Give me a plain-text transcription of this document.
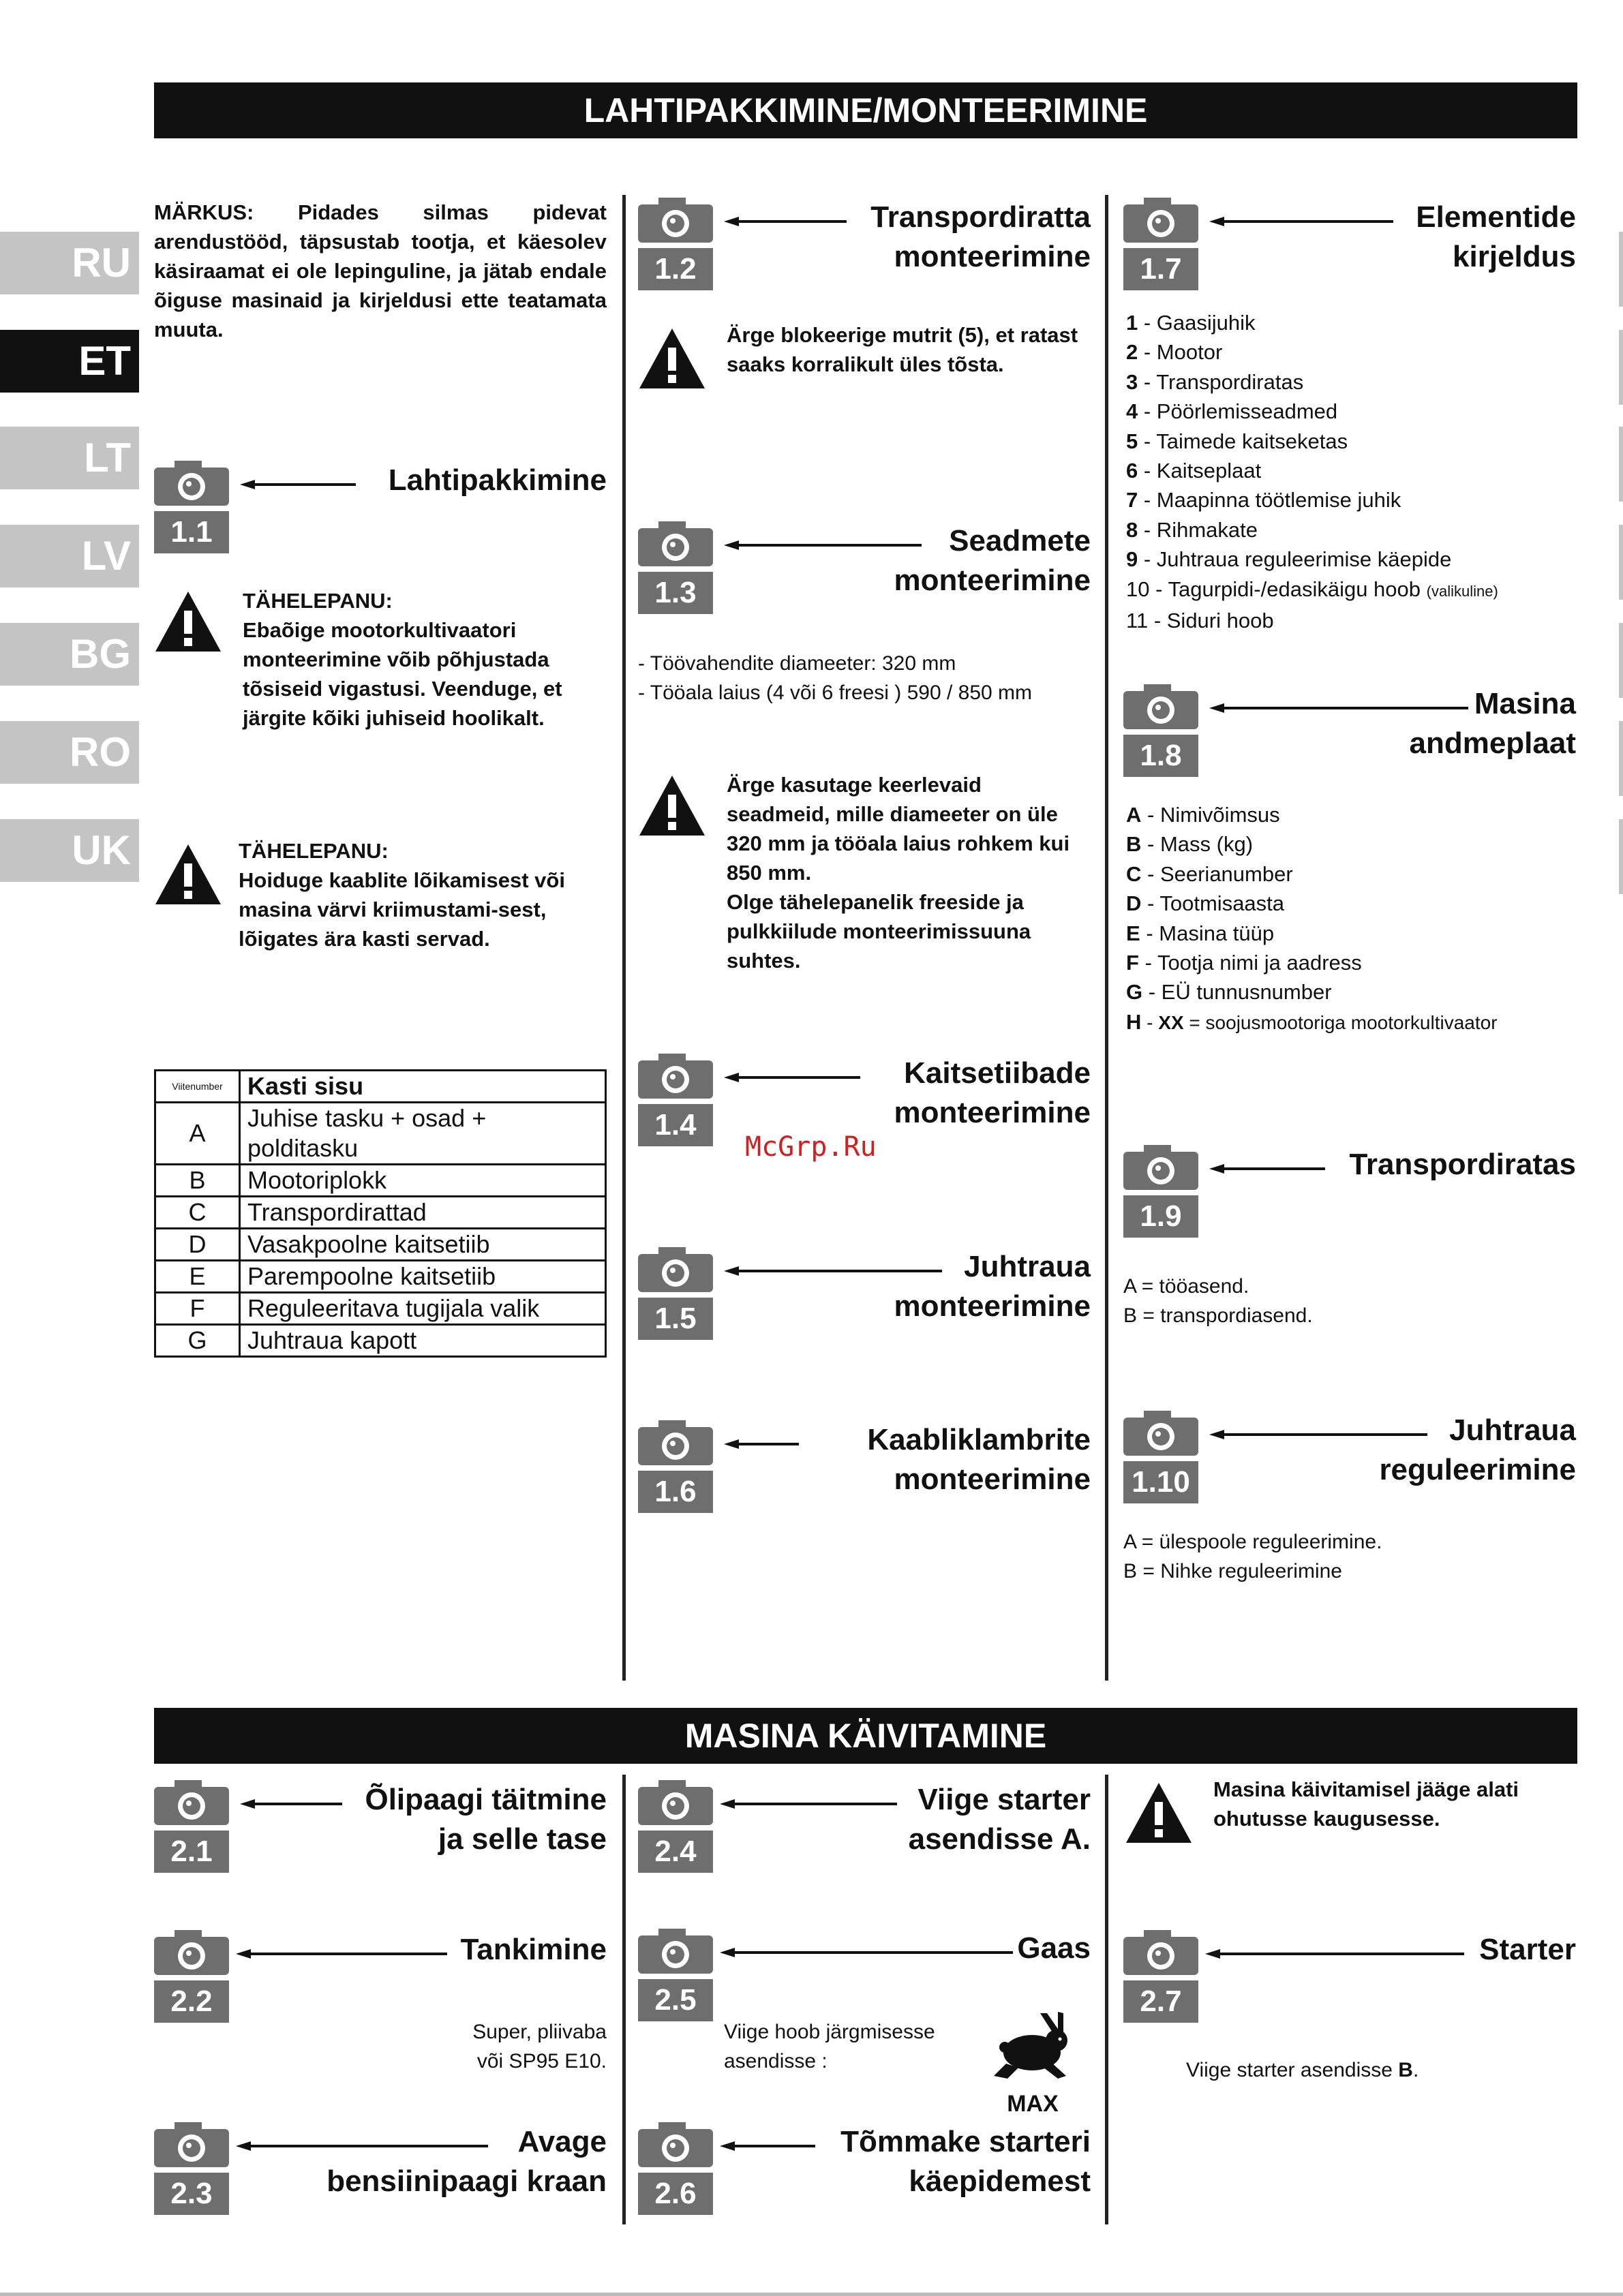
LAHTIPAKKIMINE/MONTEERIMINE
MASINA KÄIVITAMINE
RU
ET
LT
LV
BG
RO
UK
MÄRKUS: Pidades silmas pidevat arendustööd, täpsustab tootja, et käesolev käsiraamat ei ole lepinguline, ja jätab endale õiguse masinaid ja kirjeldusi ette teatamata muuta.
1.1
Lahtipakkimine
TÄHELEPANU:
Ebaõige mootorkultivaatori monteerimine võib põhjustada tõsiseid vigastusi. Veenduge, et järgite kõiki juhiseid hoolikalt.
TÄHELEPANU:
Hoiduge kaablite lõikamisest või masina värvi kriimustami-sest, lõigates ära kasti servad.
Viitenumber	Kasti sisu
A	Juhise tasku + osad + polditasku
B	Mootoriplokk
C	Transpordirattad
D	Vasakpoolne kaitsetiib
E	Parempoolne kaitsetiib
F	Reguleeritava tugijala valik
G	Juhtraua kapott
1.2
Transpordiratta
monteerimine
Ärge blokeerige mutrit (5), et ratast saaks korralikult üles tõsta.
1.3
Seadmete
monteerimine
- Töövahendite diameeter: 320 mm
- Tööala laius (4 või 6 freesi ) 590 / 850 mm
Ärge kasutage keerlevaid seadmeid, mille diameeter on üle 320 mm ja tööala laius rohkem kui 850 mm.
Olge tähelepanelik freeside ja pulkkiilude monteerimissuuna suhtes.
1.4
Kaitsetiibade
monteerimine
1.5
Juhtraua
monteerimine
1.6
Kaabliklambrite
monteerimine
McGrp.Ru
1.7
Elementide
kirjeldus
1 - Gaasijuhik
2 - Mootor
3 - Transpordiratas
4 - Pöörlemisseadmed
5 - Taimede kaitseketas
6 - Kaitseplaat
7 - Maapinna töötlemise juhik
8 - Rihmakate
9 - Juhtraua reguleerimise käepide
10 - Tagurpidi-/edasikäigu hoob (valikuline)
11 - Siduri hoob
1.8
Masina
andmeplaat
A - Nimivõimsus
B - Mass (kg)
C - Seerianumber
D - Tootmisaasta
E - Masina tüüp
F - Tootja nimi ja aadress
G - EÜ tunnusnumber
H - XX = soojusmootoriga mootorkultivaator
1.9
Transpordiratas
A = tööasend.
B = transpordiasend.
1.10
Juhtraua
reguleerimine
A = ülespoole reguleerimine.
B = Nihke reguleerimine
2.1
Õlipaagi täitmine
ja selle tase
2.2
Tankimine
Super, pliivaba
või SP95 E10.
2.3
Avage
bensiinipaagi kraan
2.4
Viige starter
asendisse A.
2.5
Gaas
Viige hoob järgmisesse asendisse :
MAX
2.6
Tõmmake starteri
käepidemest
Masina käivitamisel jääge alati ohutusse kaugusesse.
2.7
Starter
Viige starter asendisse B.
